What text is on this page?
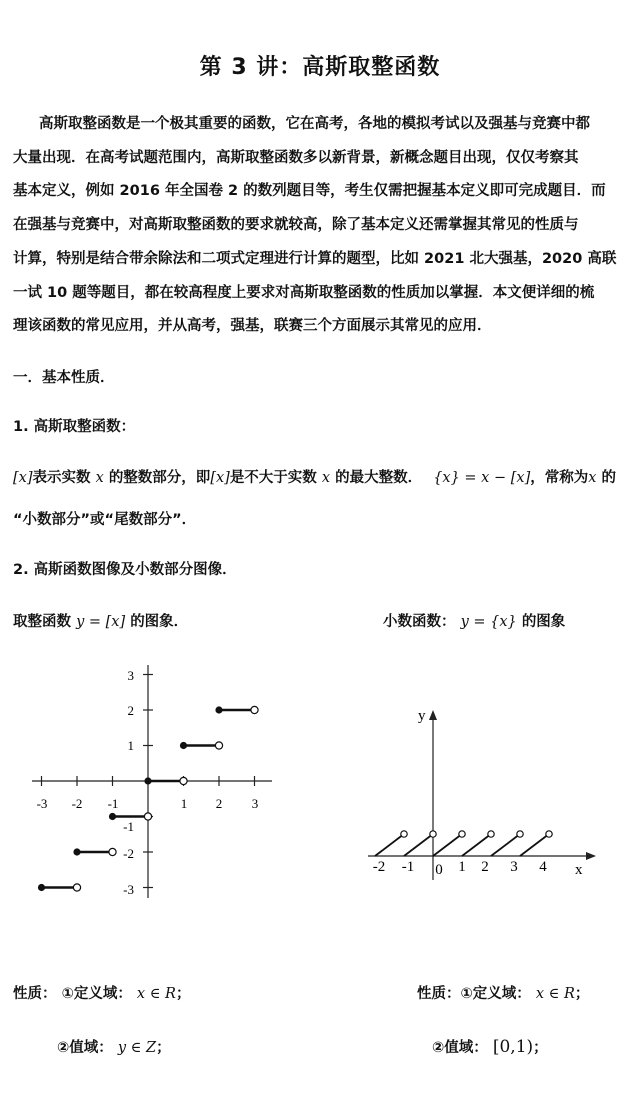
第 3 讲：高斯取整函数
高斯取整函数是一个极其重要的函数，它在高考，各地的模拟考试以及强基与竞赛中都
大量出现．在高考试题范围内，高斯取整函数多以新背景，新概念题目出现，仅仅考察其
基本定义，例如 2016 年全国卷 2 的数列题目等，考生仅需把握基本定义即可完成题目．而
在强基与竞赛中，对高斯取整函数的要求就较高，除了基本定义还需掌握其常见的性质与
计算，特别是结合带余除法和二项式定理进行计算的题型，比如 2021 北大强基，2020 高联
一试 10 题等题目，都在较高程度上要求对高斯取整函数的性质加以掌握．本文便详细的梳
理该函数的常见应用，并从高考，强基，联赛三个方面展示其常见的应用．
一．基本性质．
1. 高斯取整函数：
[x]表示实数 x 的整数部分，即[x]是不大于实数 x 的最大整数． {x} = x − [x]，常称为x 的
“小数部分”或“尾数部分”．
2. 高斯函数图像及小数部分图像．
取整函数 y = [x] 的图象．	小数函数： y = {x} 的图象
-3 -2 -1	1 2 3
3
2
1
-1
-2
-3
y
x
-2 -1 0 1 2 3 4
性质： ①定义域： x ∈ R；
②值域： y ∈ Z；
性质：①定义域： x ∈ R；
②值域： [0,1)；
